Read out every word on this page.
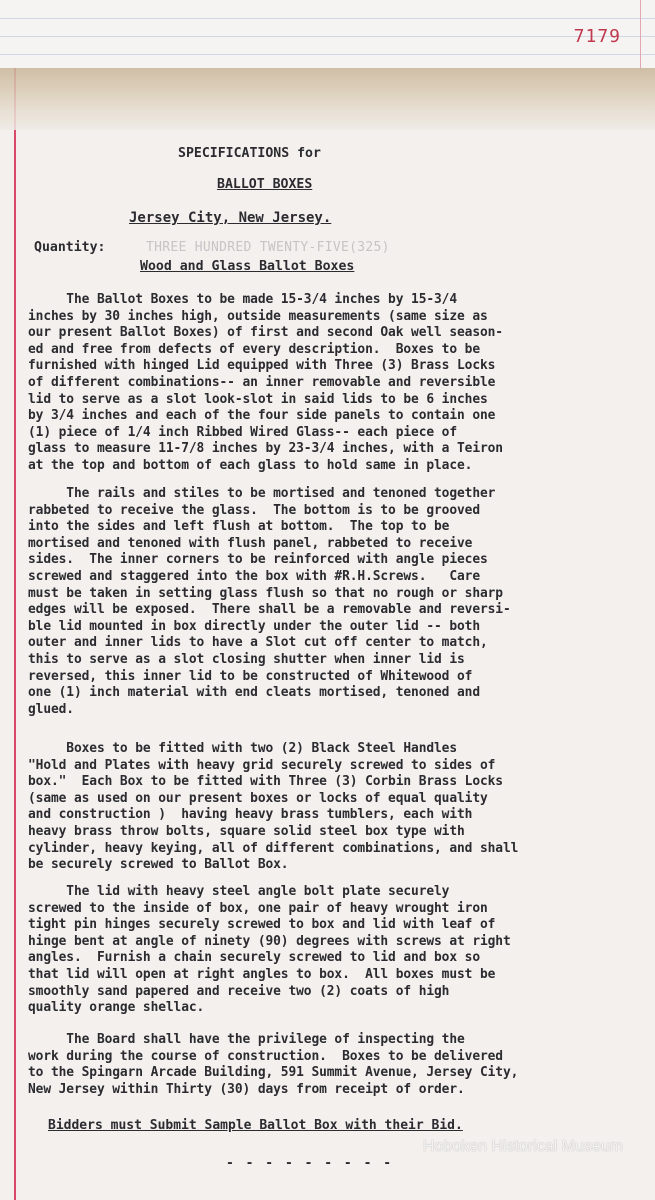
7179
SPECIFICATIONS for
BALLOT BOXES
Jersey City, New Jersey.
Quantity:	THREE HUNDRED TWENTY-FIVE(325)
Wood and Glass Ballot Boxes
The Ballot Boxes to be made 15-3/4 inches by 15-3/4
inches by 30 inches high, outside measurements (same size as
our present Ballot Boxes) of first and second Oak well season-
ed and free from defects of every description.  Boxes to be
furnished with hinged Lid equipped with Three (3) Brass Locks
of different combinations-- an inner removable and reversible
lid to serve as a slot look-slot in said lids to be 6 inches
by 3/4 inches and each of the four side panels to contain one
(1) piece of 1/4 inch Ribbed Wired Glass-- each piece of
glass to measure 11-7/8 inches by 23-3/4 inches, with a Teiron
at the top and bottom of each glass to hold same in place.
The rails and stiles to be mortised and tenoned together
rabbeted to receive the glass.  The bottom is to be grooved
into the sides and left flush at bottom.  The top to be
mortised and tenoned with flush panel, rabbeted to receive
sides.  The inner corners to be reinforced with angle pieces
screwed and staggered into the box with #R.H.Screws.   Care
must be taken in setting glass flush so that no rough or sharp
edges will be exposed.  There shall be a removable and reversi-
ble lid mounted in box directly under the outer lid -- both
outer and inner lids to have a Slot cut off center to match,
this to serve as a slot closing shutter when inner lid is
reversed, this inner lid to be constructed of Whitewood of
one (1) inch material with end cleats mortised, tenoned and
glued.
Boxes to be fitted with two (2) Black Steel Handles
"Hold and Plates with heavy grid securely screwed to sides of
box."  Each Box to be fitted with Three (3) Corbin Brass Locks
(same as used on our present boxes or locks of equal quality
and construction )  having heavy brass tumblers, each with
heavy brass throw bolts, square solid steel box type with
cylinder, heavy keying, all of different combinations, and shall
be securely screwed to Ballot Box.
The lid with heavy steel angle bolt plate securely
screwed to the inside of box, one pair of heavy wrought iron
tight pin hinges securely screwed to box and lid with leaf of
hinge bent at angle of ninety (90) degrees with screws at right
angles.  Furnish a chain securely screwed to lid and box so
that lid will open at right angles to box.  All boxes must be
smoothly sand papered and receive two (2) coats of high
quality orange shellac.
The Board shall have the privilege of inspecting the
work during the course of construction.  Boxes to be delivered
to the Spingarn Arcade Building, 591 Summit Avenue, Jersey City,
New Jersey within Thirty (30) days from receipt of order.
Bidders must Submit Sample Ballot Box with their Bid.
- - - - - - - - -
Hoboken Historical Museum
